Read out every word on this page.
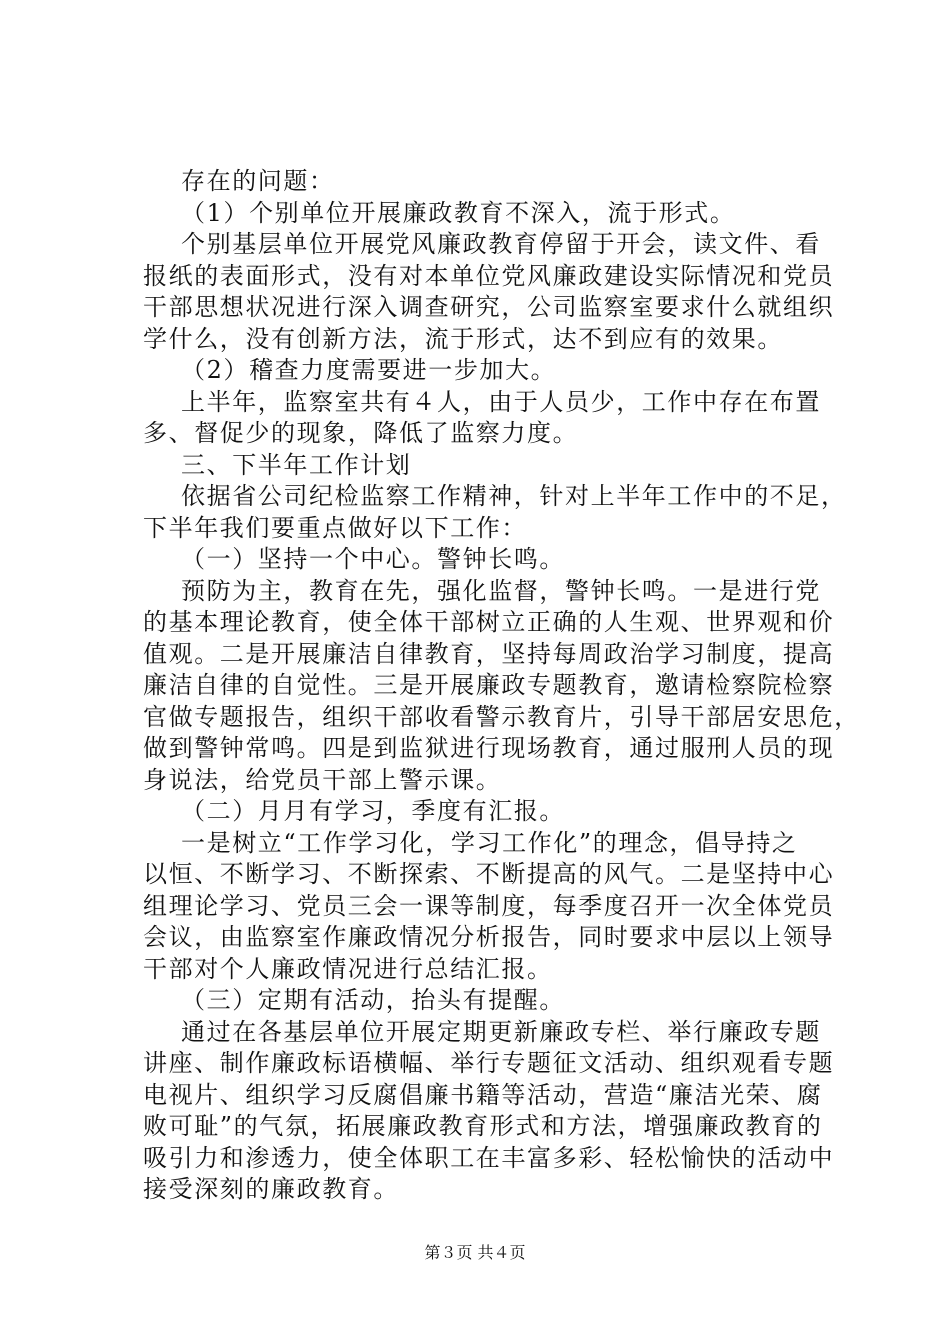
存在的问题：
（1）个别单位开展廉政教育不深入，流于形式。
个别基层单位开展党风廉政教育停留于开会，读文件、看
报纸的表面形式，没有对本单位党风廉政建设实际情况和党员
干部思想状况进行深入调查研究，公司监察室要求什么就组织
学什么，没有创新方法，流于形式，达不到应有的效果。
（2）稽查力度需要进一步加大。
上半年，监察室共有４人，由于人员少，工作中存在布置
多、督促少的现象，降低了监察力度。
三、下半年工作计划
依据省公司纪检监察工作精神，针对上半年工作中的不足，
下半年我们要重点做好以下工作：
（一）坚持一个中心。警钟长鸣。
预防为主，教育在先，强化监督，警钟长鸣。一是进行党
的基本理论教育，使全体干部树立正确的人生观、世界观和价
值观。二是开展廉洁自律教育，坚持每周政治学习制度，提高
廉洁自律的自觉性。三是开展廉政专题教育，邀请检察院检察
官做专题报告，组织干部收看警示教育片，引导干部居安思危，
做到警钟常鸣。四是到监狱进行现场教育，通过服刑人员的现
身说法，给党员干部上警示课。
（二）月月有学习，季度有汇报。
一是树立“工作学习化，学习工作化”的理念，倡导持之
以恒、不断学习、不断探索、不断提高的风气。二是坚持中心
组理论学习、党员三会一课等制度，每季度召开一次全体党员
会议，由监察室作廉政情况分析报告，同时要求中层以上领导
干部对个人廉政情况进行总结汇报。
（三）定期有活动，抬头有提醒。
通过在各基层单位开展定期更新廉政专栏、举行廉政专题
讲座、制作廉政标语横幅、举行专题征文活动、组织观看专题
电视片、组织学习反腐倡廉书籍等活动，营造“廉洁光荣、腐
败可耻”的气氛，拓展廉政教育形式和方法，增强廉政教育的
吸引力和渗透力，使全体职工在丰富多彩、轻松愉快的活动中
接受深刻的廉政教育。
第３页 共４页
